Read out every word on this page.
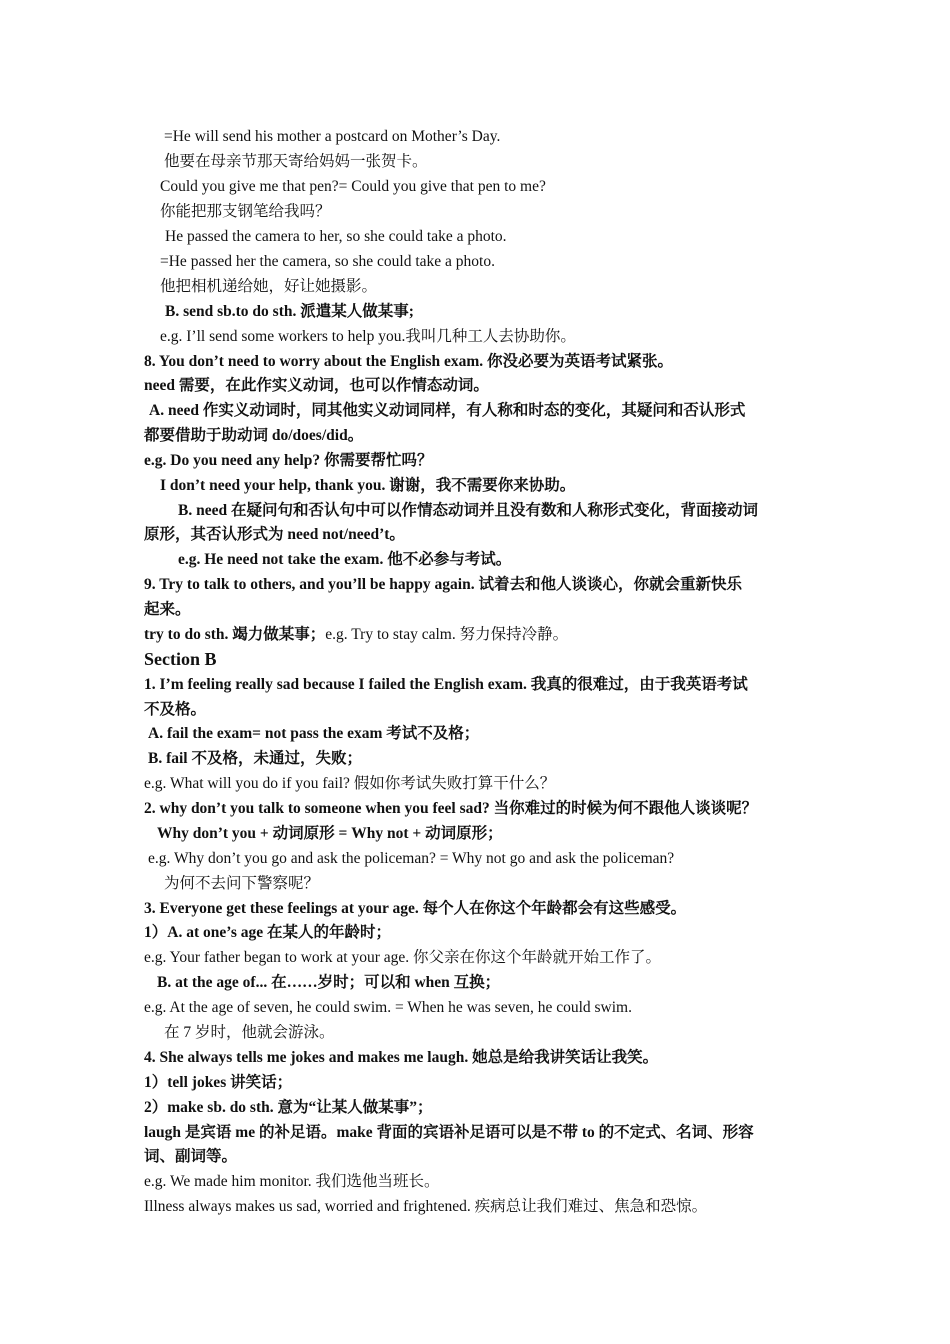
=He will send his mother a postcard on Mother’s Day.
他要在母亲节那天寄给妈妈一张贺卡。
Could you give me that pen?= Could you give that pen to me?
你能把那支钢笔给我吗？
He passed the camera to her, so she could take a photo.
=He passed her the camera, so she could take a photo.
他把相机递给她，好让她摄影。
B. send sb.to do sth. 派遣某人做某事;
e.g. I’ll send some workers to help you.我叫几种工人去协助你。
8. You don’t need to worry about the English exam. 你没必要为英语考试紧张。
need 需要，在此作实义动词，也可以作情态动词。
A. need 作实义动词时，同其他实义动词同样，有人称和时态的变化，其疑问和否认形式
都要借助于助动词 do/does/did。
e.g. Do you need any help? 你需要帮忙吗？
I don’t need your help, thank you. 谢谢，我不需要你来协助。
B. need 在疑问句和否认句中可以作情态动词并且没有数和人称形式变化，背面接动词
原形，其否认形式为 need not/need’t。
e.g. He need not take the exam. 他不必参与考试。
9. Try to talk to others, and you’ll be happy again. 试着去和他人谈谈心，你就会重新快乐
起来。
try to do sth. 竭力做某事；e.g. Try to stay calm. 努力保持冷静。
Section B
1. I’m feeling really sad because I failed the English exam. 我真的很难过，由于我英语考试
不及格。
A. fail the exam= not pass the exam 考试不及格；
B. fail 不及格，未通过，失败；
e.g. What will you do if you fail? 假如你考试失败打算干什么？
2. why don’t you talk to someone when you feel sad? 当你难过的时候为何不跟他人谈谈呢？
Why don’t you + 动词原形 = Why not + 动词原形；
e.g. Why don’t you go and ask the policeman? = Why not go and ask the policeman?
为何不去问下警察呢？
3. Everyone get these feelings at your age. 每个人在你这个年龄都会有这些感受。
1）A. at one’s age 在某人的年龄时；
e.g. Your father began to work at your age. 你父亲在你这个年龄就开始工作了。
B. at the age of... 在……岁时；可以和 when 互换；
e.g. At the age of seven, he could swim. = When he was seven, he could swim.
在 7 岁时，他就会游泳。
4. She always tells me jokes and makes me laugh. 她总是给我讲笑话让我笑。
1）tell jokes 讲笑话；
2）make sb. do sth. 意为“让某人做某事”；
laugh 是宾语 me 的补足语。make 背面的宾语补足语可以是不带 to 的不定式、名词、形容
词、副词等。
e.g. We made him monitor. 我们选他当班长。
Illness always makes us sad, worried and frightened. 疾病总让我们难过、焦急和恐惊。
